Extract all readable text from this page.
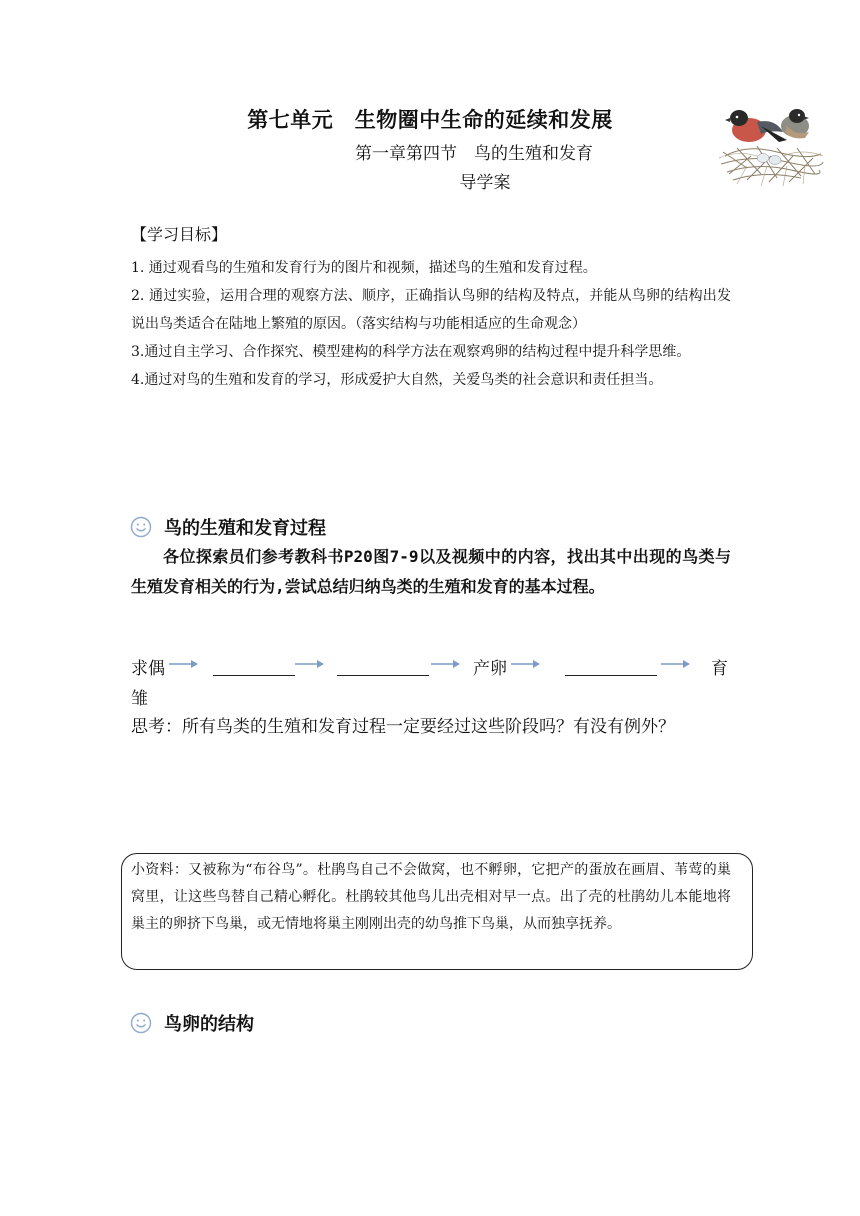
第七单元　生物圈中生命的延续和发展
第一章第四节　鸟的生殖和发育
导学案
【学习目标】

1. 通过观看鸟的生殖和发育行为的图片和视频，描述鸟的生殖和发育过程。

2. 通过实验，运用合理的观察方法、顺序，正确指认鸟卵的结构及特点，并能从鸟卵的结构出发说出鸟类适合在陆地上繁殖的原因。（落实结构与功能相适应的生命观念）

3.通过自主学习、合作探究、模型建构的科学方法在观察鸡卵的结构过程中提升科学思维。

4.通过对鸟的生殖和发育的学习，形成爱护大自然，关爱鸟类的社会意识和责任担当。

鸟的生殖和发育过程
各位探索员们参考教科书P20图7-9以及视频中的内容，找出其中出现的鸟类与生殖发育相关的行为,尝试总结归纳鸟类的生殖和发育的基本过程。
求偶	产卵	育
雏
思考：所有鸟类的生殖和发育过程一定要经过这些阶段吗？有没有例外？
小资料：又被称为“布谷鸟”。杜鹃鸟自己不会做窝，也不孵卵，它把产的蛋放在画眉、苇莺的巢窝里，让这些鸟替自己精心孵化。杜鹃较其他鸟儿出壳相对早一点。出了壳的杜鹃幼儿本能地将巢主的卵挤下鸟巢，或无情地将巢主刚刚出壳的幼鸟推下鸟巢，从而独享抚养。
鸟卵的结构
